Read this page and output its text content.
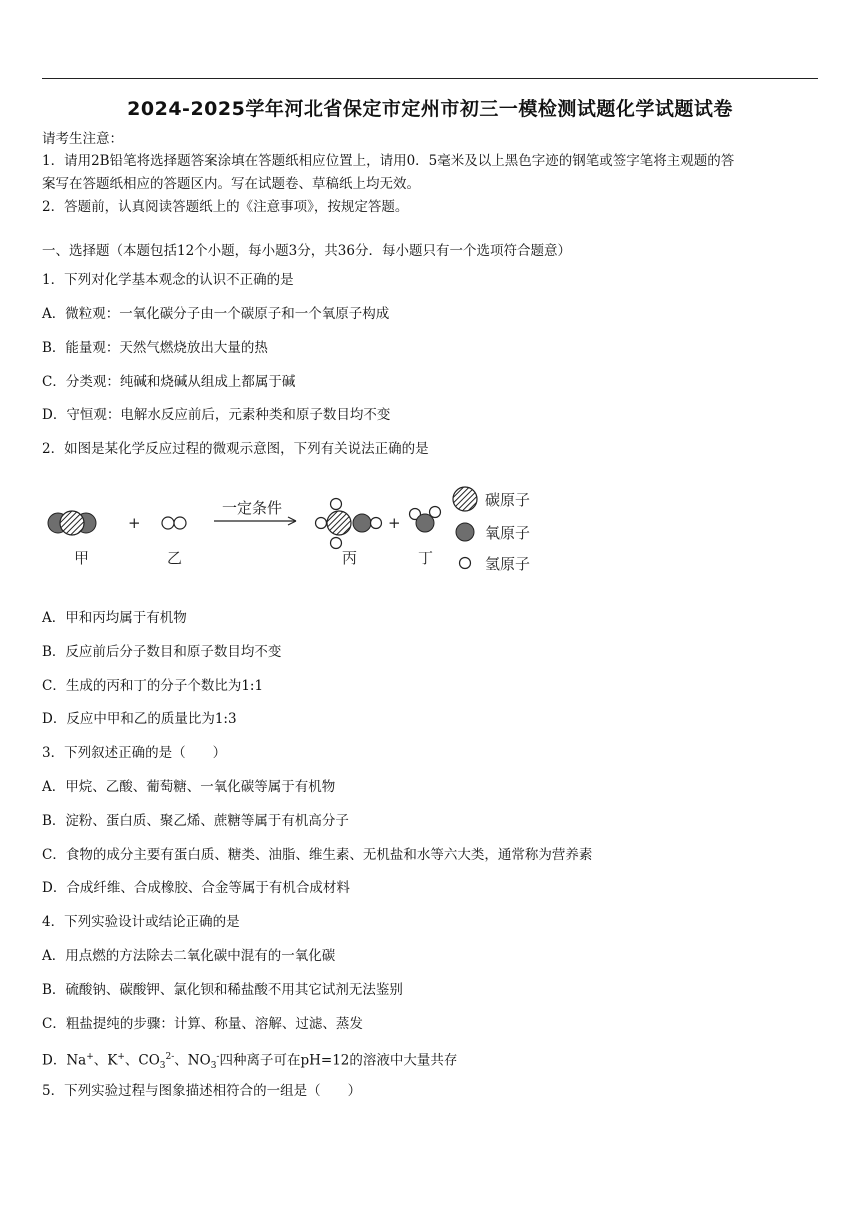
2024-2025学年河北省保定市定州市初三一模检测试题化学试题试卷
请考生注意：
1．请用2B铅笔将选择题答案涂填在答题纸相应位置上，请用0．5毫米及以上黑色字迹的钢笔或签字笔将主观题的答
案写在答题纸相应的答题区内。写在试题卷、草稿纸上均无效。
2．答题前，认真阅读答题纸上的《注意事项》，按规定答题。
一、选择题（本题包括12个小题，每小题3分，共36分．每小题只有一个选项符合题意）
1．下列对化学基本观念的认识不正确的是
A．微粒观：一氧化碳分子由一个碳原子和一个氧原子构成
B．能量观：天然气燃烧放出大量的热
C．分类观：纯碱和烧碱从组成上都属于碱
D．守恒观：电解水反应前后，元素种类和原子数目均不变
2．如图是某化学反应过程的微观示意图，下列有关说法正确的是
甲
+
乙
一定条件
丙
+
丁
碳原子
氧原子
氢原子
A．甲和丙均属于有机物
B．反应前后分子数目和原子数目均不变
C．生成的丙和丁的分子个数比为1:1
D．反应中甲和乙的质量比为1:3
3．下列叙述正确的是（　　）
A．甲烷、乙酸、葡萄糖、一氧化碳等属于有机物
B．淀粉、蛋白质、聚乙烯、蔗糖等属于有机高分子
C．食物的成分主要有蛋白质、糖类、油脂、维生素、无机盐和水等六大类，通常称为营养素
D．合成纤维、合成橡胶、合金等属于有机合成材料
4．下列实验设计或结论正确的是
A．用点燃的方法除去二氧化碳中混有的一氧化碳
B．硫酸钠、碳酸钾、氯化钡和稀盐酸不用其它试剂无法鉴别
C．粗盐提纯的步骤：计算、称量、溶解、过滤、蒸发
D．Na+、K+、$CO_3^{2-}$、$NO_3^-$四种离子可在pH=12的溶液中大量共存
5．下列实验过程与图象描述相符合的一组是（　　）
